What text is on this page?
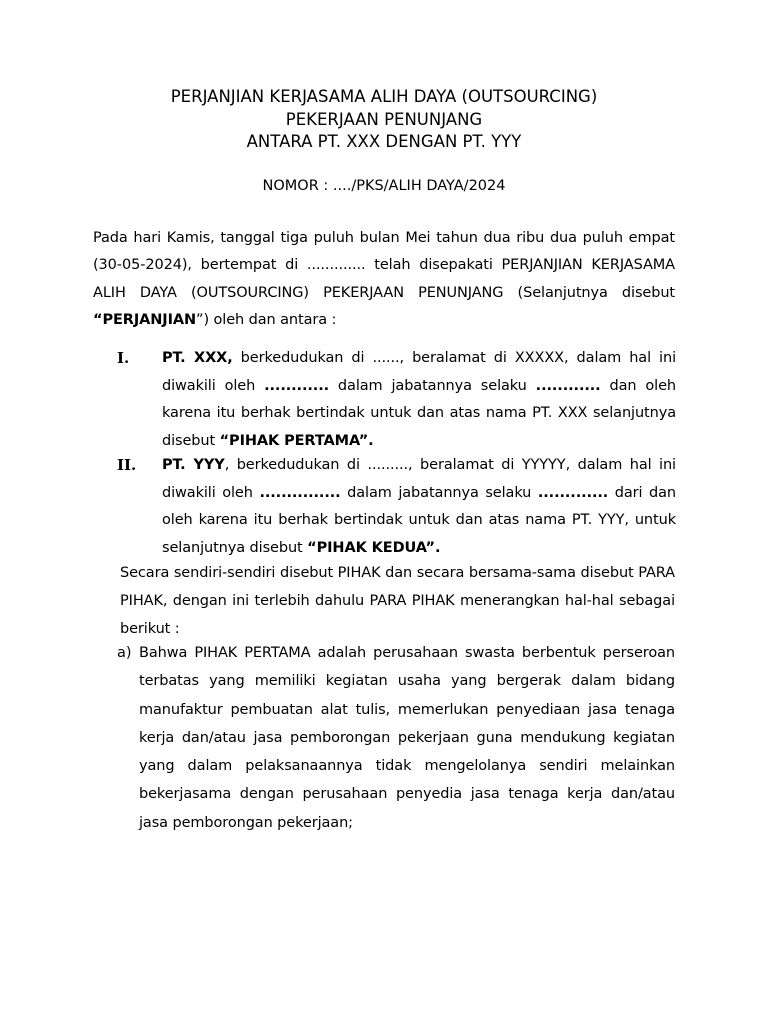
PERJANJIAN KERJASAMA ALIH DAYA (OUTSOURCING)
PEKERJAAN PENUNJANG
ANTARA PT. XXX DENGAN PT. YYY
NOMOR : ..../PKS/ALIH DAYA/2024
Pada hari Kamis, tanggal tiga puluh bulan Mei tahun dua ribu dua puluh empat (30-05-2024), bertempat di ............. telah disepakati PERJANJIAN KERJASAMA ALIH DAYA (OUTSOURCING) PEKERJAAN PENUNJANG (Selanjutnya disebut “PERJANJIAN”) oleh dan antara :
I. PT. XXX, berkedudukan di ......, beralamat di XXXXX, dalam hal ini diwakili oleh ............ dalam jabatannya selaku ............ dan oleh karena itu berhak bertindak untuk dan atas nama PT. XXX selanjutnya disebut “PIHAK PERTAMA”.
II. PT. YYY, berkedudukan di ........., beralamat di YYYYY, dalam hal ini diwakili oleh ............... dalam jabatannya selaku ............. dari dan oleh karena itu berhak bertindak untuk dan atas nama PT. YYY, untuk selanjutnya disebut “PIHAK KEDUA”.
Secara sendiri-sendiri disebut PIHAK dan secara bersama-sama disebut PARA PIHAK, dengan ini terlebih dahulu PARA PIHAK menerangkan hal-hal sebagai berikut :
a) Bahwa PIHAK PERTAMA adalah perusahaan swasta berbentuk perseroan terbatas yang memiliki kegiatan usaha yang bergerak dalam bidang manufaktur pembuatan alat tulis, memerlukan penyediaan jasa tenaga kerja dan/atau jasa pemborongan pekerjaan guna mendukung kegiatan yang dalam pelaksanaannya tidak mengelolanya sendiri melainkan bekerjasama dengan perusahaan penyedia jasa tenaga kerja dan/atau jasa pemborongan pekerjaan;
